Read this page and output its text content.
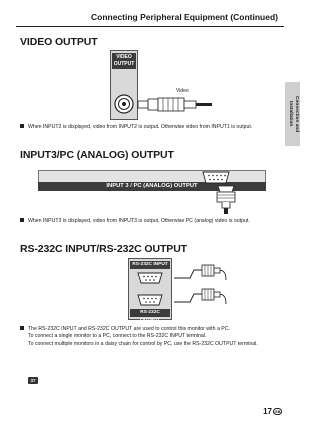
Connecting Peripheral Equipment (Continued)
Connection and Installation
VIDEO OUTPUT
VIDEO
OUTPUT
Video
When INPUT2 is displayed, video from INPUT2 is output. Otherwise video from INPUT1 is output.
INPUT3/PC (ANALOG) OUTPUT
INPUT 3 / PC (ANALOG) OUTPUT
When INPUT3 is displayed, video from INPUT3 is output. Otherwise PC (analog) video is output.
RS-232C INPUT/RS-232C OUTPUT
RS-232C INPUT
RS-232C OUTPUT
The RS-232C INPUT and RS-232C OUTPUT are used to control this monitor with a PC.
To connect a single monitor to a PC, connect to the RS-232C INPUT terminal.
To connect multiple monitors in a daisy chain for control by PC, use the RS-232C OUTPUT terminal.
37
17 GB
